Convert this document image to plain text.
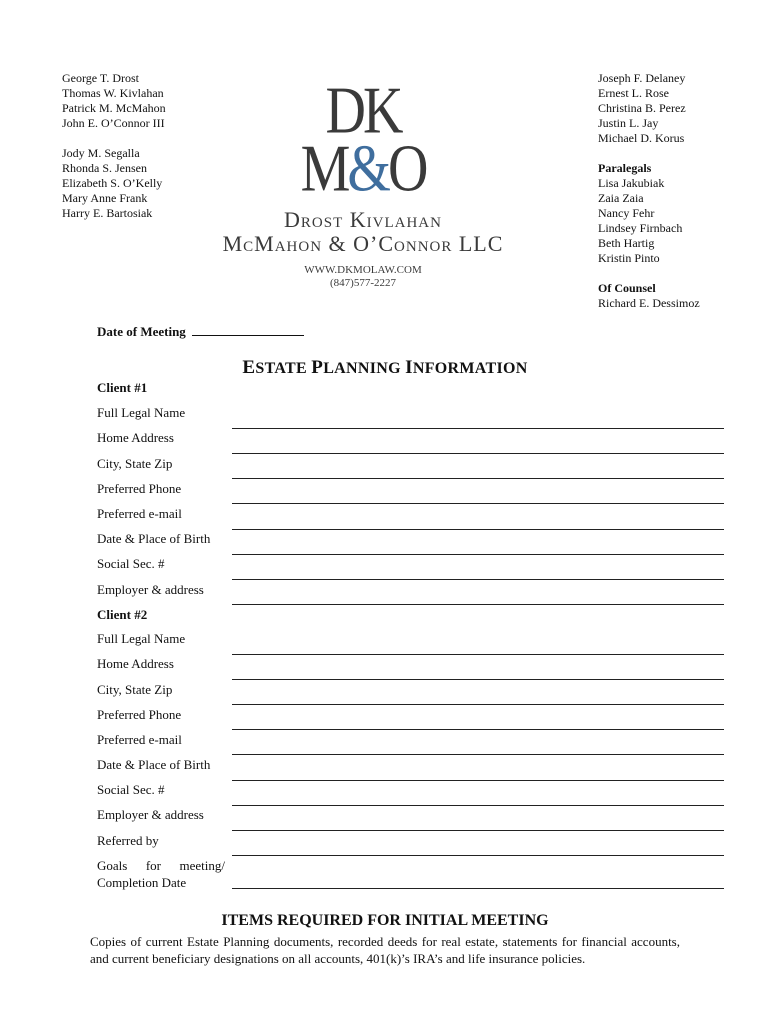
George T. Drost
Thomas W. Kivlahan
Patrick M. McMahon
John E. O’Connor III
Jody M. Segalla
Rhonda S. Jensen
Elizabeth S. O’Kelly
Mary Anne Frank
Harry E. Bartosiak
DK
M&O
Drost Kivlahan
McMahon & O’Connor LLC
WWW.DKMOLAW.COM
(847)577-2227
Joseph F. Delaney
Ernest L. Rose
Christina B. Perez
Justin L. Jay
Michael D. Korus
Paralegals
Lisa Jakubiak
Zaia Zaia
Nancy Fehr
Lindsey Firnbach
Beth Hartig
Kristin Pinto
Of Counsel
Richard E. Dessimoz
Date of Meeting
ESTATE PLANNING INFORMATION
Client #1
Full Legal Name
Home Address
City, State Zip
Preferred Phone
Preferred e-mail
Date & Place of Birth
Social Sec. #
Employer & address
Client #2
Full Legal Name
Home Address
City, State Zip
Preferred Phone
Preferred e-mail
Date & Place of Birth
Social Sec. #
Employer & address
Referred by
Goals for meeting/
Completion Date
ITEMS REQUIRED FOR INITIAL MEETING
Copies of current Estate Planning documents, recorded deeds for real estate, statements for financial accounts, and current beneficiary designations on all accounts, 401(k)’s IRA’s and life insurance policies.
